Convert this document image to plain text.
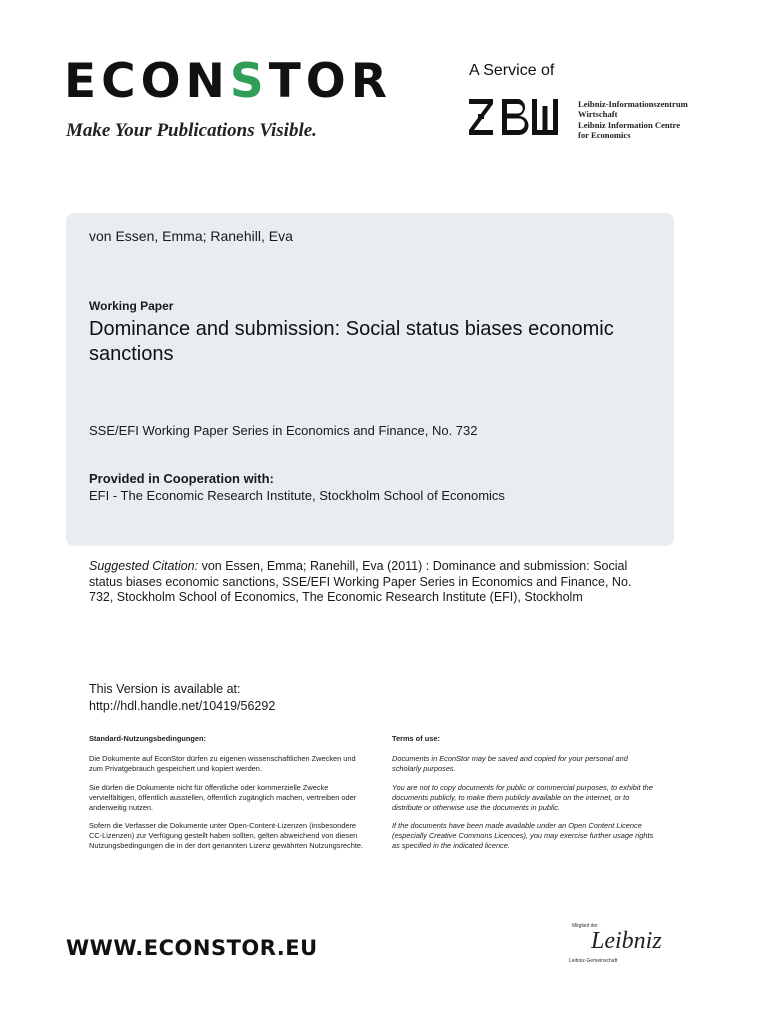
ECONSTOR
Make Your Publications Visible.
A Service of
Leibniz-Informationszentrum
Wirtschaft
Leibniz Information Centre
for Economics
von Essen, Emma; Ranehill, Eva
Working Paper
Dominance and submission: Social status biases economic sanctions
SSE/EFI Working Paper Series in Economics and Finance, No. 732
Provided in Cooperation with:
EFI - The Economic Research Institute, Stockholm School of Economics
Suggested Citation: von Essen, Emma; Ranehill, Eva (2011) : Dominance and submission: Social status biases economic sanctions, SSE/EFI Working Paper Series in Economics and Finance, No. 732, Stockholm School of Economics, The Economic Research Institute (EFI), Stockholm
This Version is available at:
http://hdl.handle.net/10419/56292
Standard-Nutzungsbedingungen:

Die Dokumente auf EconStor dürfen zu eigenen wissenschaftlichen Zwecken und zum Privatgebrauch gespeichert und kopiert werden.

Sie dürfen die Dokumente nicht für öffentliche oder kommerzielle Zwecke vervielfältigen, öffentlich ausstellen, öffentlich zugänglich machen, vertreiben oder anderweitig nutzen.

Sofern die Verfasser die Dokumente unter Open-Content-Lizenzen (insbesondere CC-Lizenzen) zur Verfügung gestellt haben sollten, gelten abweichend von diesen Nutzungsbedingungen die in der dort genannten Lizenz gewährten Nutzungsrechte.

Terms of use:

Documents in EconStor may be saved and copied for your personal and scholarly purposes.

You are not to copy documents for public or commercial purposes, to exhibit the documents publicly, to make them publicly available on the internet, or to distribute or otherwise use the documents in public.

If the documents have been made available under an Open Content Licence (especially Creative Commons Licences), you may exercise further usage rights as specified in the indicated licence.

WWW.ECONSTOR.EU
Mitglied der
Leibniz
Leibniz-Gemeinschaft
